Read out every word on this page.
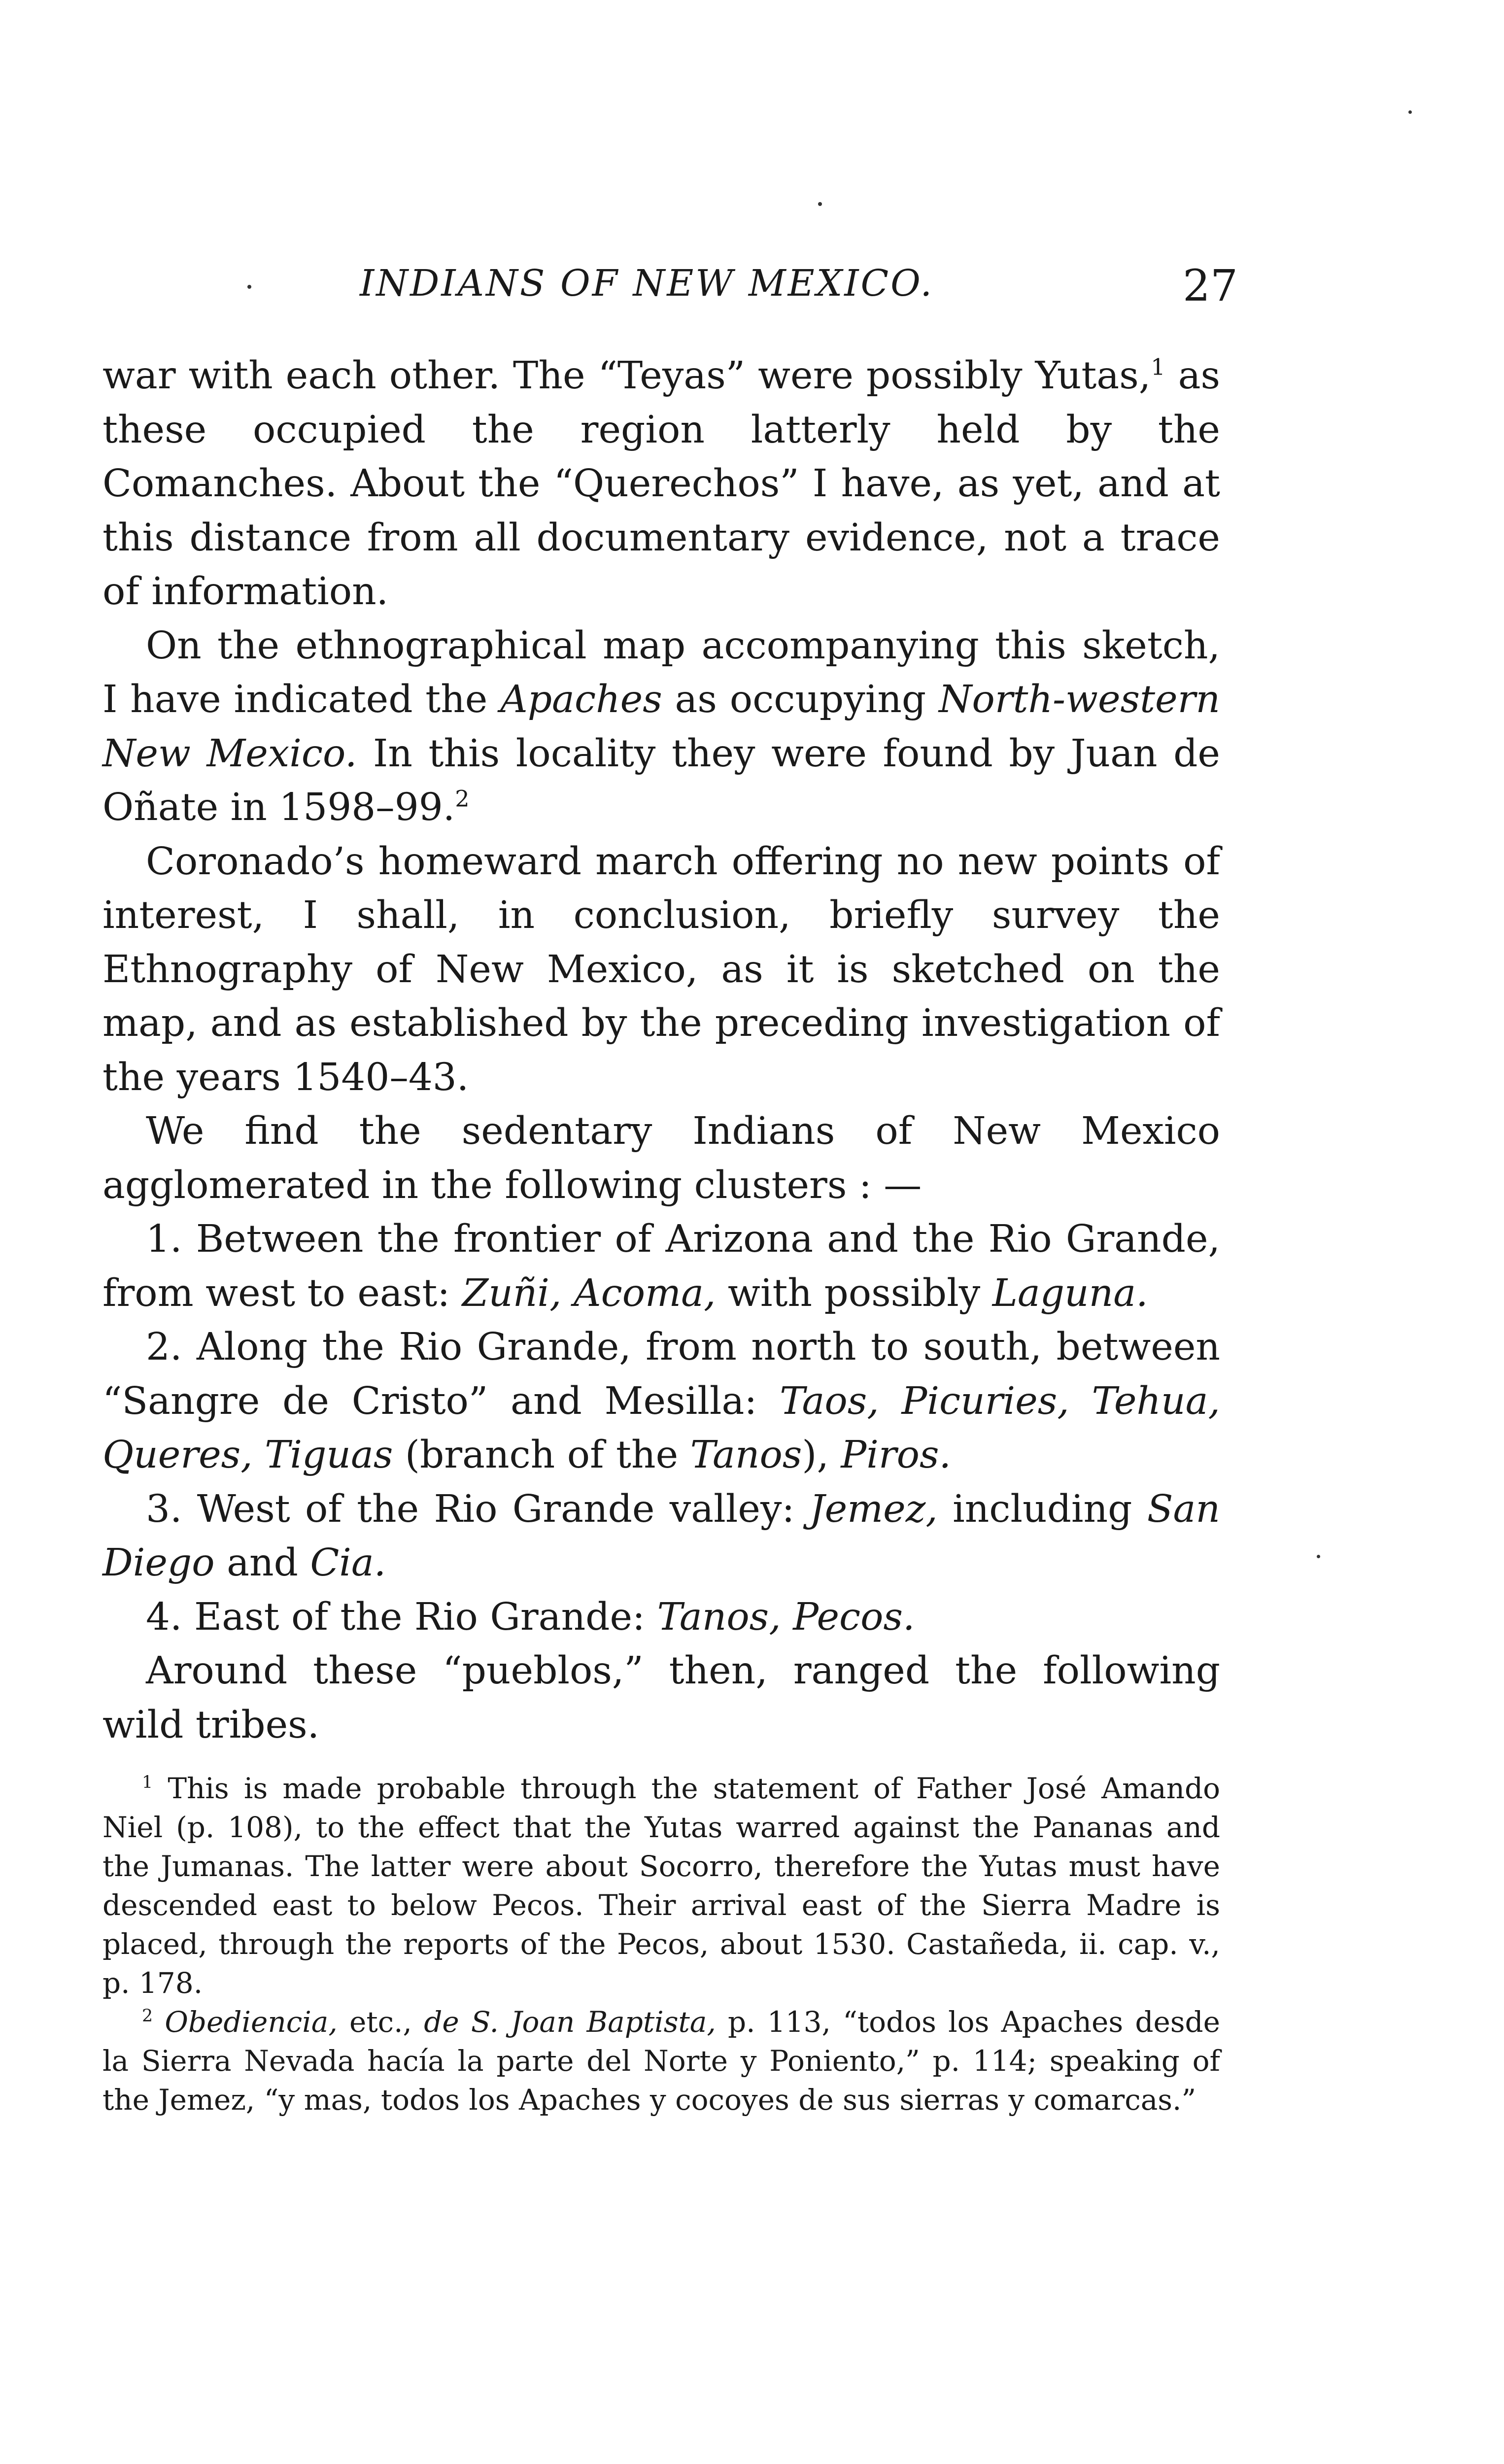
INDIANS OF NEW MEXICO.	27

war with each other. The “Teyas” were possibly Yutas,$^1$ as these occupied the region latterly held by the Comanches. About the “Querechos” I have, as yet, and at this distance from all documentary evidence, not a trace of information.

On the ethnographical map accompanying this sketch, I have indicated the Apaches as occupying North-western New Mexico. In this locality they were found by Juan de Oñate in 1598–99.$^2$

Coronado’s homeward march offering no new points of interest, I shall, in conclusion, briefly survey the Ethnography of New Mexico, as it is sketched on the map, and as established by the preceding investigation of the years 1540–43.

We find the sedentary Indians of New Mexico agglomerated in the following clusters : —

1. Between the frontier of Arizona and the Rio Grande, from west to east: Zuñi, Acoma, with possibly Laguna.

2. Along the Rio Grande, from north to south, between “Sangre de Cristo” and Mesilla: Taos, Picuries, Tehua, Queres, Tiguas (branch of the Tanos), Piros.

3. West of the Rio Grande valley: Jemez, including San Diego and Cia.

4. East of the Rio Grande: Tanos, Pecos.

Around these “pueblos,” then, ranged the following wild tribes.

$^1$ This is made probable through the statement of Father José Amando Niel (p. 108), to the effect that the Yutas warred against the Pananas and the Jumanas. The latter were about Socorro, therefore the Yutas must have descended east to below Pecos. Their arrival east of the Sierra Madre is placed, through the reports of the Pecos, about 1530. Castañeda, ii. cap. v., p. 178.

$^2$ Obediencia, etc., de S. Joan Baptista, p. 113, “todos los Apaches desde la Sierra Nevada hacía la parte del Norte y Poniento,” p. 114; speaking of the Jemez, “y mas, todos los Apaches y cocoyes de sus sierras y comarcas.”
